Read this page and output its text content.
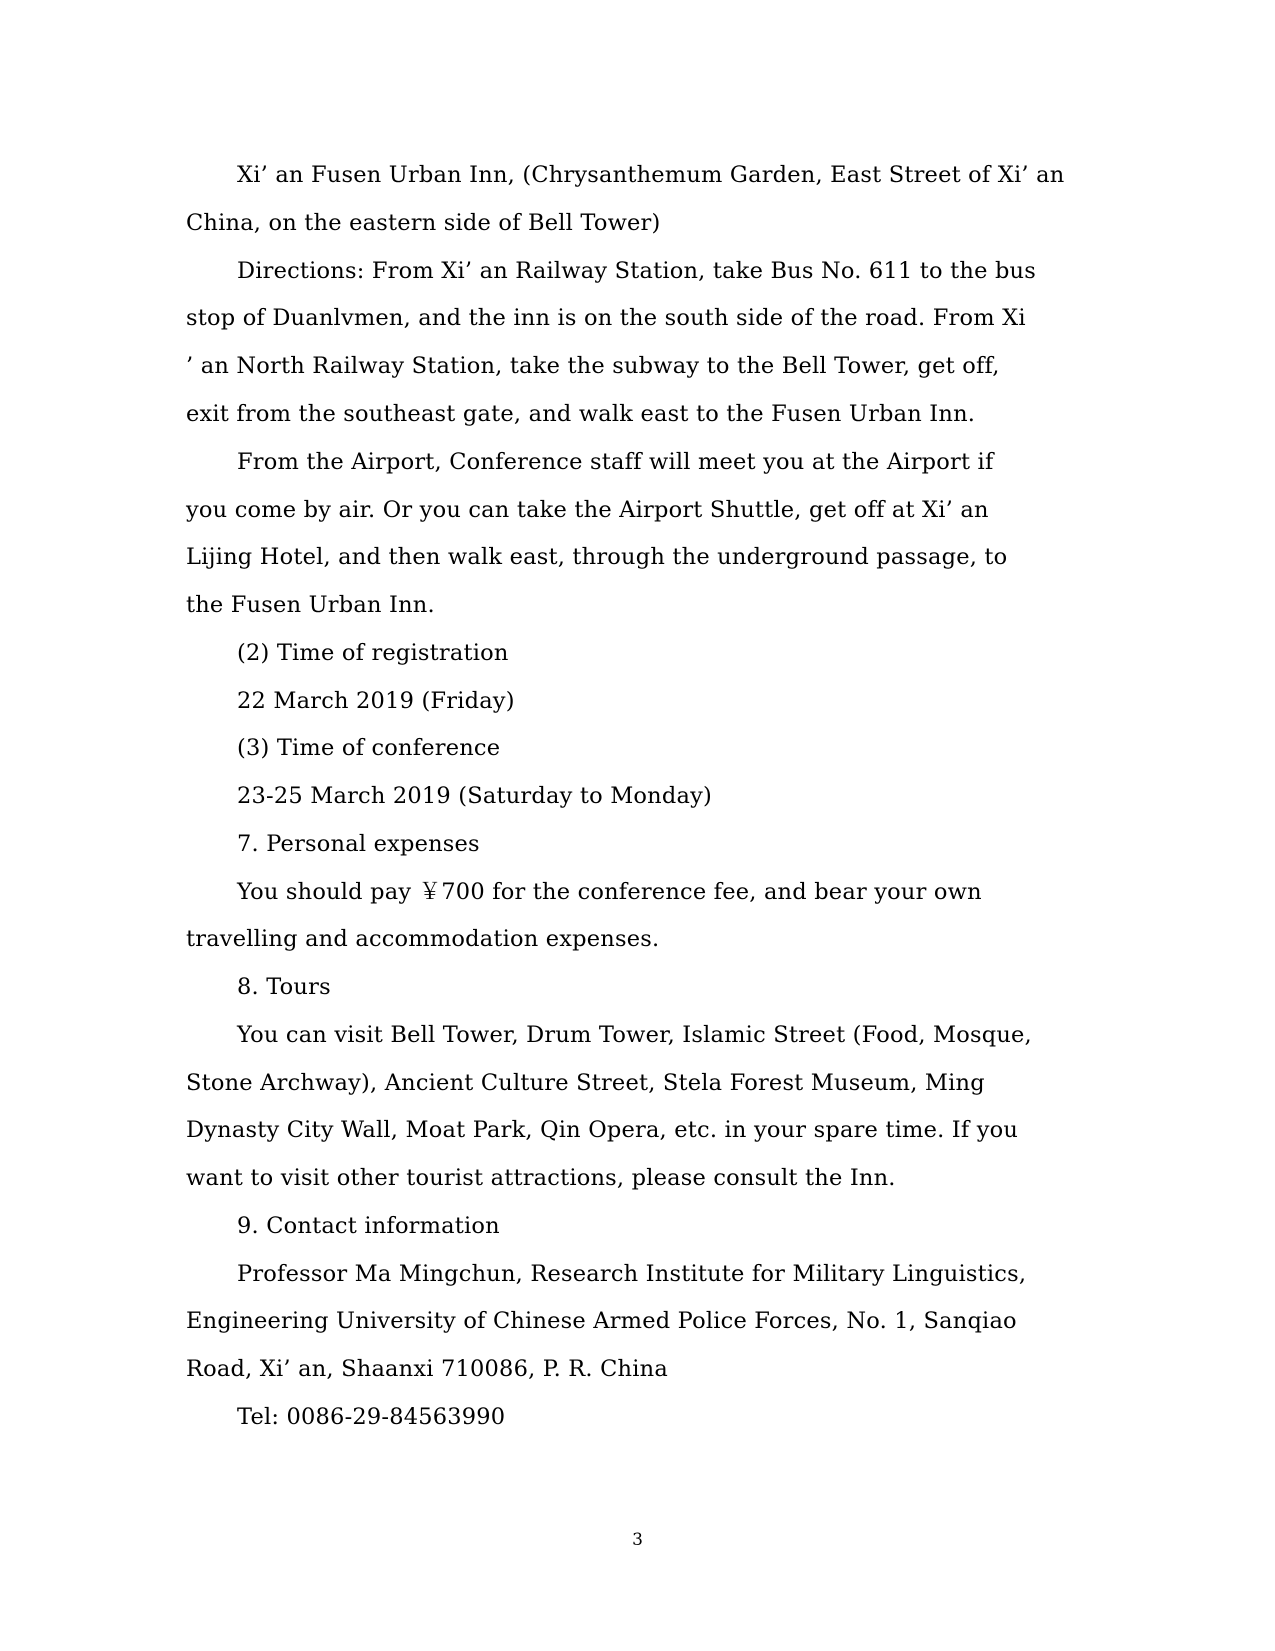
Xi’ an Fusen Urban Inn, (Chrysanthemum Garden, East Street of Xi’ an
China, on the eastern side of Bell Tower)
Directions: From Xi’ an Railway Station, take Bus No. 611 to the bus
stop of Duanlvmen, and the inn is on the south side of the road. From Xi
’ an North Railway Station, take the subway to the Bell Tower, get off,
exit from the southeast gate, and walk east to the Fusen Urban Inn.
From the Airport, Conference staff will meet you at the Airport if
you come by air. Or you can take the Airport Shuttle, get off at Xi’ an
Lijing Hotel, and then walk east, through the underground passage, to
the Fusen Urban Inn.
(2) Time of registration
22 March 2019 (Friday)
(3) Time of conference
23-25 March 2019 (Saturday to Monday)
7. Personal expenses
You should pay ￥700 for the conference fee, and bear your own
travelling and accommodation expenses.
8. Tours
You can visit Bell Tower, Drum Tower, Islamic Street (Food, Mosque,
Stone Archway), Ancient Culture Street, Stela Forest Museum, Ming
Dynasty City Wall, Moat Park, Qin Opera, etc. in your spare time. If you
want to visit other tourist attractions, please consult the Inn.
9. Contact information
Professor Ma Mingchun, Research Institute for Military Linguistics,
Engineering University of Chinese Armed Police Forces, No. 1, Sanqiao
Road, Xi’ an, Shaanxi 710086, P. R. China
Tel: 0086-29-84563990
3
